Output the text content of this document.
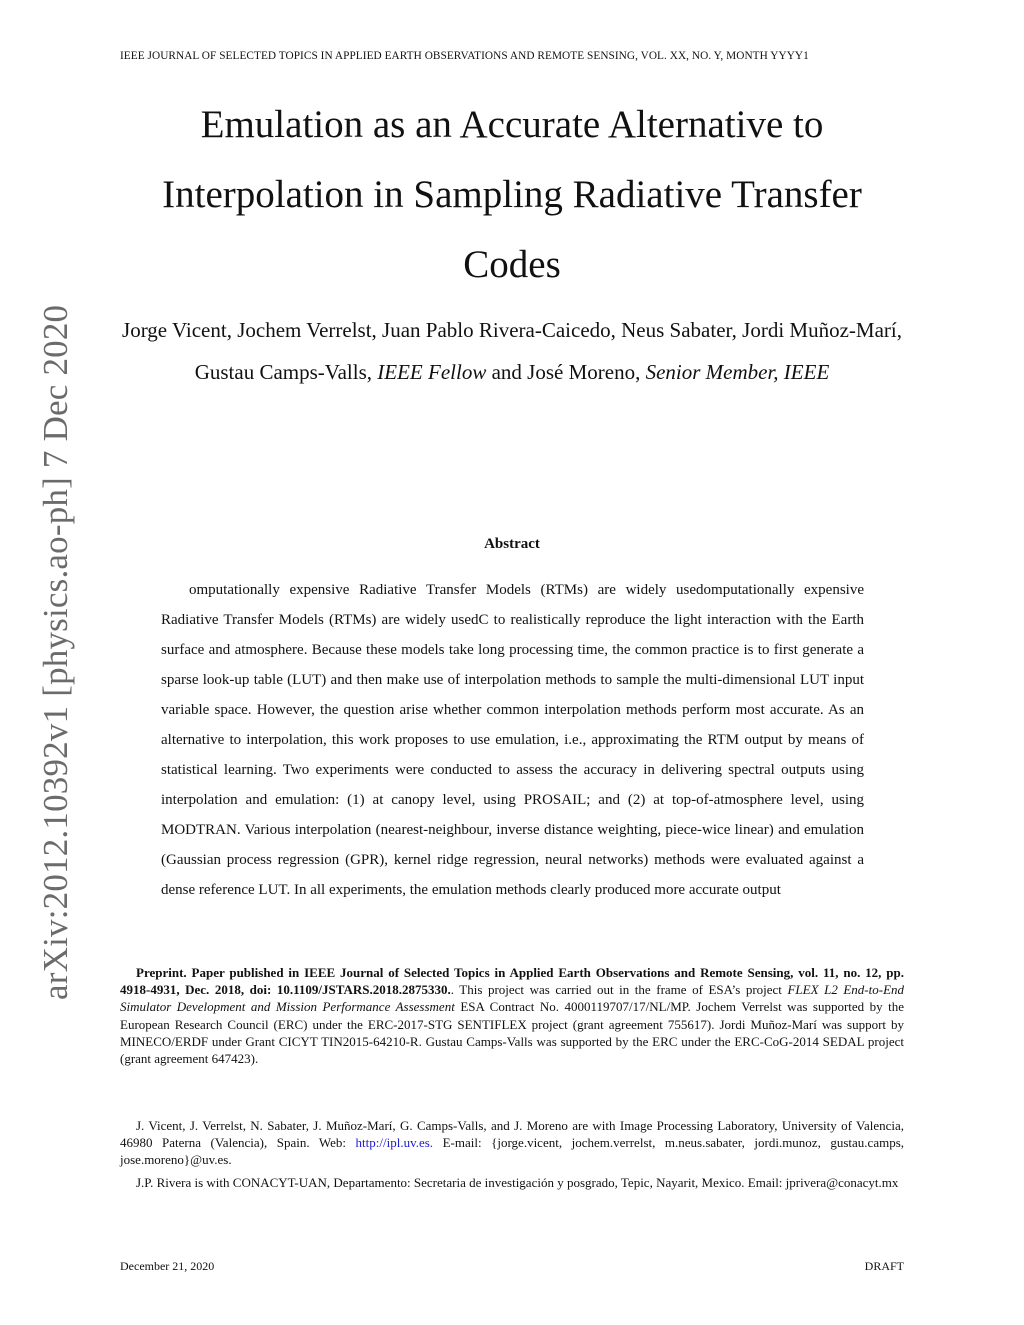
IEEE JOURNAL OF SELECTED TOPICS IN APPLIED EARTH OBSERVATIONS AND REMOTE SENSING, VOL. XX, NO. Y, MONTH YYYY1
arXiv:2012.10392v1 [physics.ao-ph] 7 Dec 2020
Emulation as an Accurate Alternative to Interpolation in Sampling Radiative Transfer Codes
Jorge Vicent, Jochem Verrelst, Juan Pablo Rivera-Caicedo, Neus Sabater, Jordi Muñoz-Marí, Gustau Camps-Valls, IEEE Fellow and José Moreno, Senior Member, IEEE
Abstract

omputationally expensive Radiative Transfer Models (RTMs) are widely usedomputationally expensive Radiative Transfer Models (RTMs) are widely usedC to realistically reproduce the light interaction with the Earth surface and atmosphere. Because these models take long processing time, the common practice is to first generate a sparse look-up table (LUT) and then make use of interpolation methods to sample the multi-dimensional LUT input variable space. However, the question arise whether common interpolation methods perform most accurate. As an alternative to interpolation, this work proposes to use emulation, i.e., approximating the RTM output by means of statistical learning. Two experiments were conducted to assess the accuracy in delivering spectral outputs using interpolation and emulation: (1) at canopy level, using PROSAIL; and (2) at top-of-atmosphere level, using MODTRAN. Various interpolation (nearest-neighbour, inverse distance weighting, piece-wice linear) and emulation (Gaussian process regression (GPR), kernel ridge regression, neural networks) methods were evaluated against a dense reference LUT. In all experiments, the emulation methods clearly produced more accurate output

Preprint. Paper published in IEEE Journal of Selected Topics in Applied Earth Observations and Remote Sensing, vol. 11, no. 12, pp. 4918-4931, Dec. 2018, doi: 10.1109/JSTARS.2018.2875330.. This project was carried out in the frame of ESA’s project FLEX L2 End-to-End Simulator Development and Mission Performance Assessment ESA Contract No. 4000119707/17/NL/MP. Jochem Verrelst was supported by the European Research Council (ERC) under the ERC-2017-STG SENTIFLEX project (grant agreement 755617). Jordi Muñoz-Marí was support by MINECO/ERDF under Grant CICYT TIN2015-64210-R. Gustau Camps-Valls was supported by the ERC under the ERC-CoG-2014 SEDAL project (grant agreement 647423).
J. Vicent, J. Verrelst, N. Sabater, J. Muñoz-Marí, G. Camps-Valls, and J. Moreno are with Image Processing Laboratory, University of Valencia, 46980 Paterna (Valencia), Spain. Web: http://ipl.uv.es. E-mail: {jorge.vicent, jochem.verrelst, m.neus.sabater, jordi.munoz, gustau.camps, jose.moreno}@uv.es.
J.P. Rivera is with CONACYT-UAN, Departamento: Secretaria de investigación y posgrado, Tepic, Nayarit, Mexico. Email: jprivera@conacyt.mx
December 21, 2020	DRAFT
